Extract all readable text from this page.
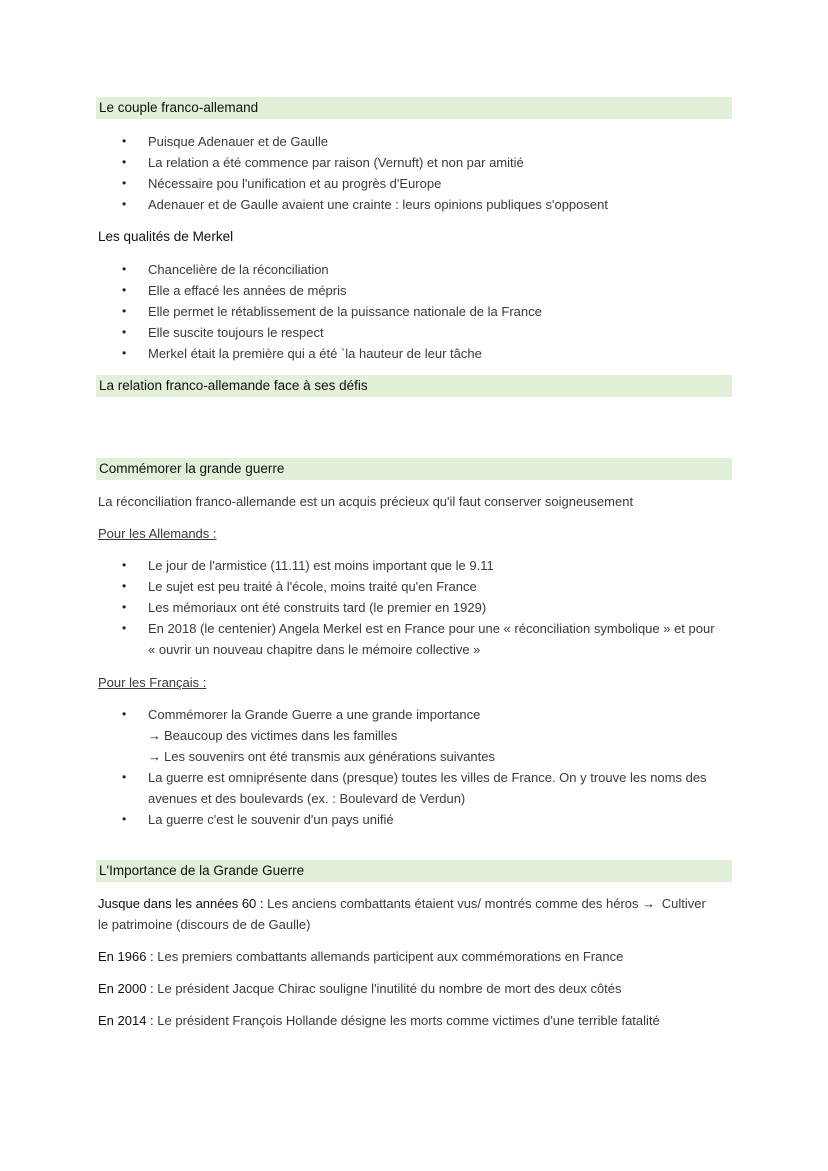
Le couple franco-allemand
• Puisque Adenauer et de Gaulle
• La relation a été commence par raison (Vernuft) et non par amitié
• Nécessaire pou l'unification et au progrès d'Europe
• Adenauer et de Gaulle avaient une crainte : leurs opinions publiques s'opposent
Les qualités de Merkel
• Chancelière de la réconciliation
• Elle a effacé les années de mépris
• Elle permet le rétablissement de la puissance nationale de la France
• Elle suscite toujours le respect
• Merkel était la première qui a été `la hauteur de leur tâche
La relation franco-allemande face à ses défis
Commémorer la grande guerre
La réconciliation franco-allemande est un acquis précieux qu'il faut conserver soigneusement
Pour les Allemands :
• Le jour de l'armistice (11.11) est moins important que le 9.11
• Le sujet est peu traité à l'école, moins traité qu'en France
• Les mémoriaux ont été construits tard (le premier en 1929)
• En 2018 (le centenier) Angela Merkel est en France pour une « réconciliation symbolique » et pour « ouvrir un nouveau chapitre dans le mémoire collective »
Pour les Français :
• Commémorer la Grande Guerre a une grande importance
→ Beaucoup des victimes dans les familles
→ Les souvenirs ont été transmis aux générations suivantes
• La guerre est omniprésente dans (presque) toutes les villes de France. On y trouve les noms des avenues et des boulevards (ex. : Boulevard de Verdun)
• La guerre c'est le souvenir d'un pays unifié
L'Importance de la Grande Guerre
Jusque dans les années 60 : Les anciens combattants étaient vus/ montrés comme des héros → Cultiver le patrimoine (discours de de Gaulle)
En 1966 : Les premiers combattants allemands participent aux commémorations en France
En 2000 : Le président Jacque Chirac souligne l'inutilité du nombre de mort des deux côtés
En 2014 : Le président François Hollande désigne les morts comme victimes d'une terrible fatalité
